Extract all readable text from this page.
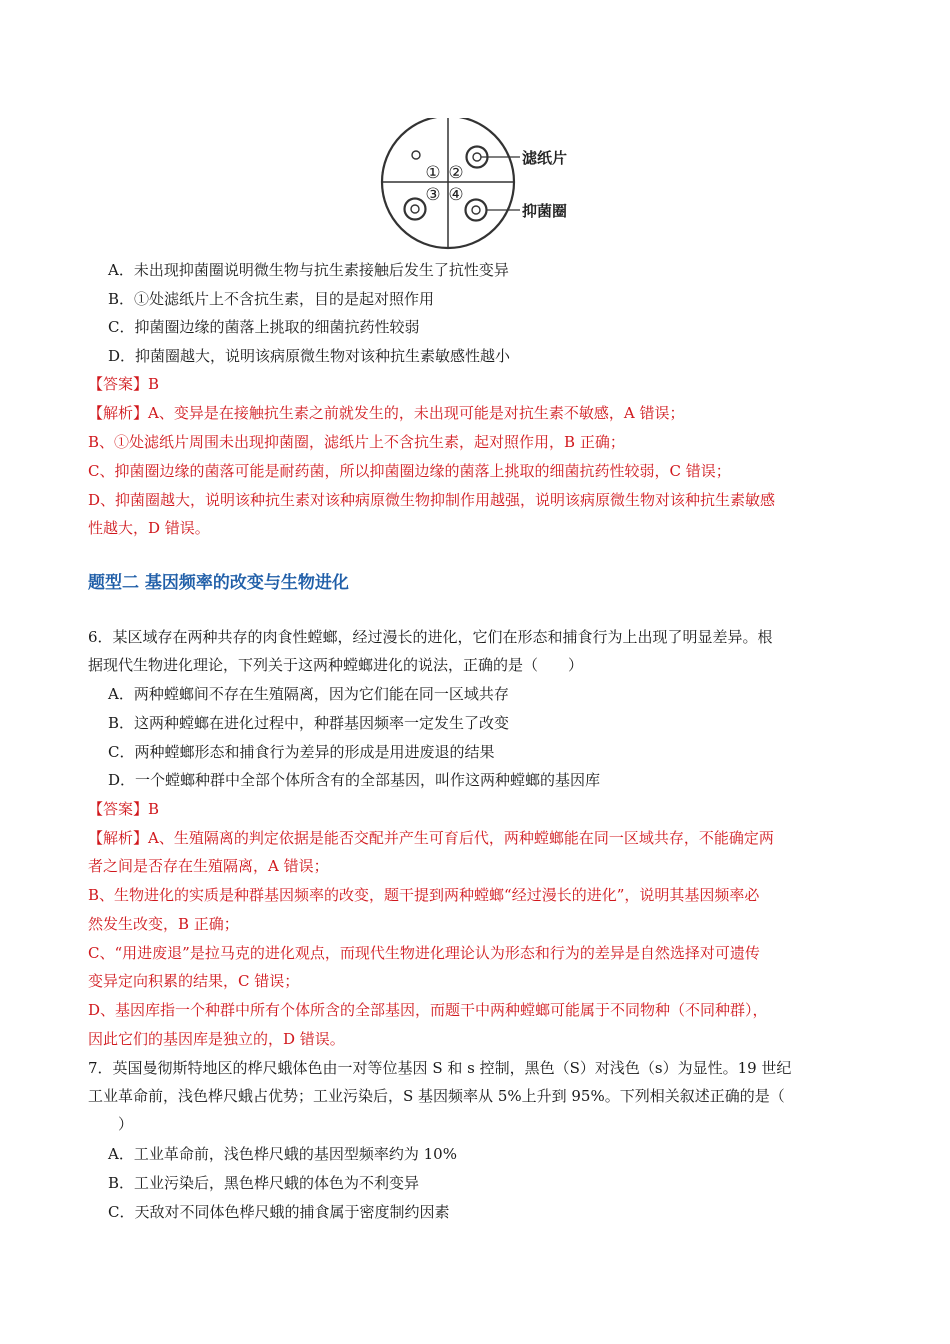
① ②
③ ④
滤纸片
抑菌圈
A．未出现抑菌圈说明微生物与抗生素接触后发生了抗性变异
B．①处滤纸片上不含抗生素，目的是起对照作用
C．抑菌圈边缘的菌落上挑取的细菌抗药性较弱
D．抑菌圈越大，说明该病原微生物对该种抗生素敏感性越小
【答案】B
【解析】A、变异是在接触抗生素之前就发生的，未出现可能是对抗生素不敏感，A 错误；
B、①处滤纸片周围未出现抑菌圈，滤纸片上不含抗生素，起对照作用，B 正确；
C、抑菌圈边缘的菌落可能是耐药菌，所以抑菌圈边缘的菌落上挑取的细菌抗药性较弱，C 错误；
D、抑菌圈越大，说明该种抗生素对该种病原微生物抑制作用越强，说明该病原微生物对该种抗生素敏感
性越大，D 错误。
题型二 基因频率的改变与生物进化
6．某区域存在两种共存的肉食性螳螂，经过漫长的进化，它们在形态和捕食行为上出现了明显差异。根
据现代生物进化理论，下列关于这两种螳螂进化的说法，正确的是（　　）
A．两种螳螂间不存在生殖隔离，因为它们能在同一区域共存
B．这两种螳螂在进化过程中，种群基因频率一定发生了改变
C．两种螳螂形态和捕食行为差异的形成是用进废退的结果
D．一个螳螂种群中全部个体所含有的全部基因，叫作这两种螳螂的基因库
【答案】B
【解析】A、生殖隔离的判定依据是能否交配并产生可育后代，两种螳螂能在同一区域共存，不能确定两
者之间是否存在生殖隔离，A 错误；
B、生物进化的实质是种群基因频率的改变，题干提到两种螳螂“经过漫长的进化”，说明其基因频率必
然发生改变，B 正确；
C、“用进废退”是拉马克的进化观点，而现代生物进化理论认为形态和行为的差异是自然选择对可遗传
变异定向积累的结果，C 错误；
D、基因库指一个种群中所有个体所含的全部基因，而题干中两种螳螂可能属于不同物种（不同种群），
因此它们的基因库是独立的，D 错误。
7．英国曼彻斯特地区的桦尺蛾体色由一对等位基因 S 和 s 控制，黑色（S）对浅色（s）为显性。19 世纪
工业革命前，浅色桦尺蛾占优势；工业污染后，S 基因频率从 5%上升到 95%。下列相关叙述正确的是（
）
A．工业革命前，浅色桦尺蛾的基因型频率约为 10%
B．工业污染后，黑色桦尺蛾的体色为不利变异
C．天敌对不同体色桦尺蛾的捕食属于密度制约因素
